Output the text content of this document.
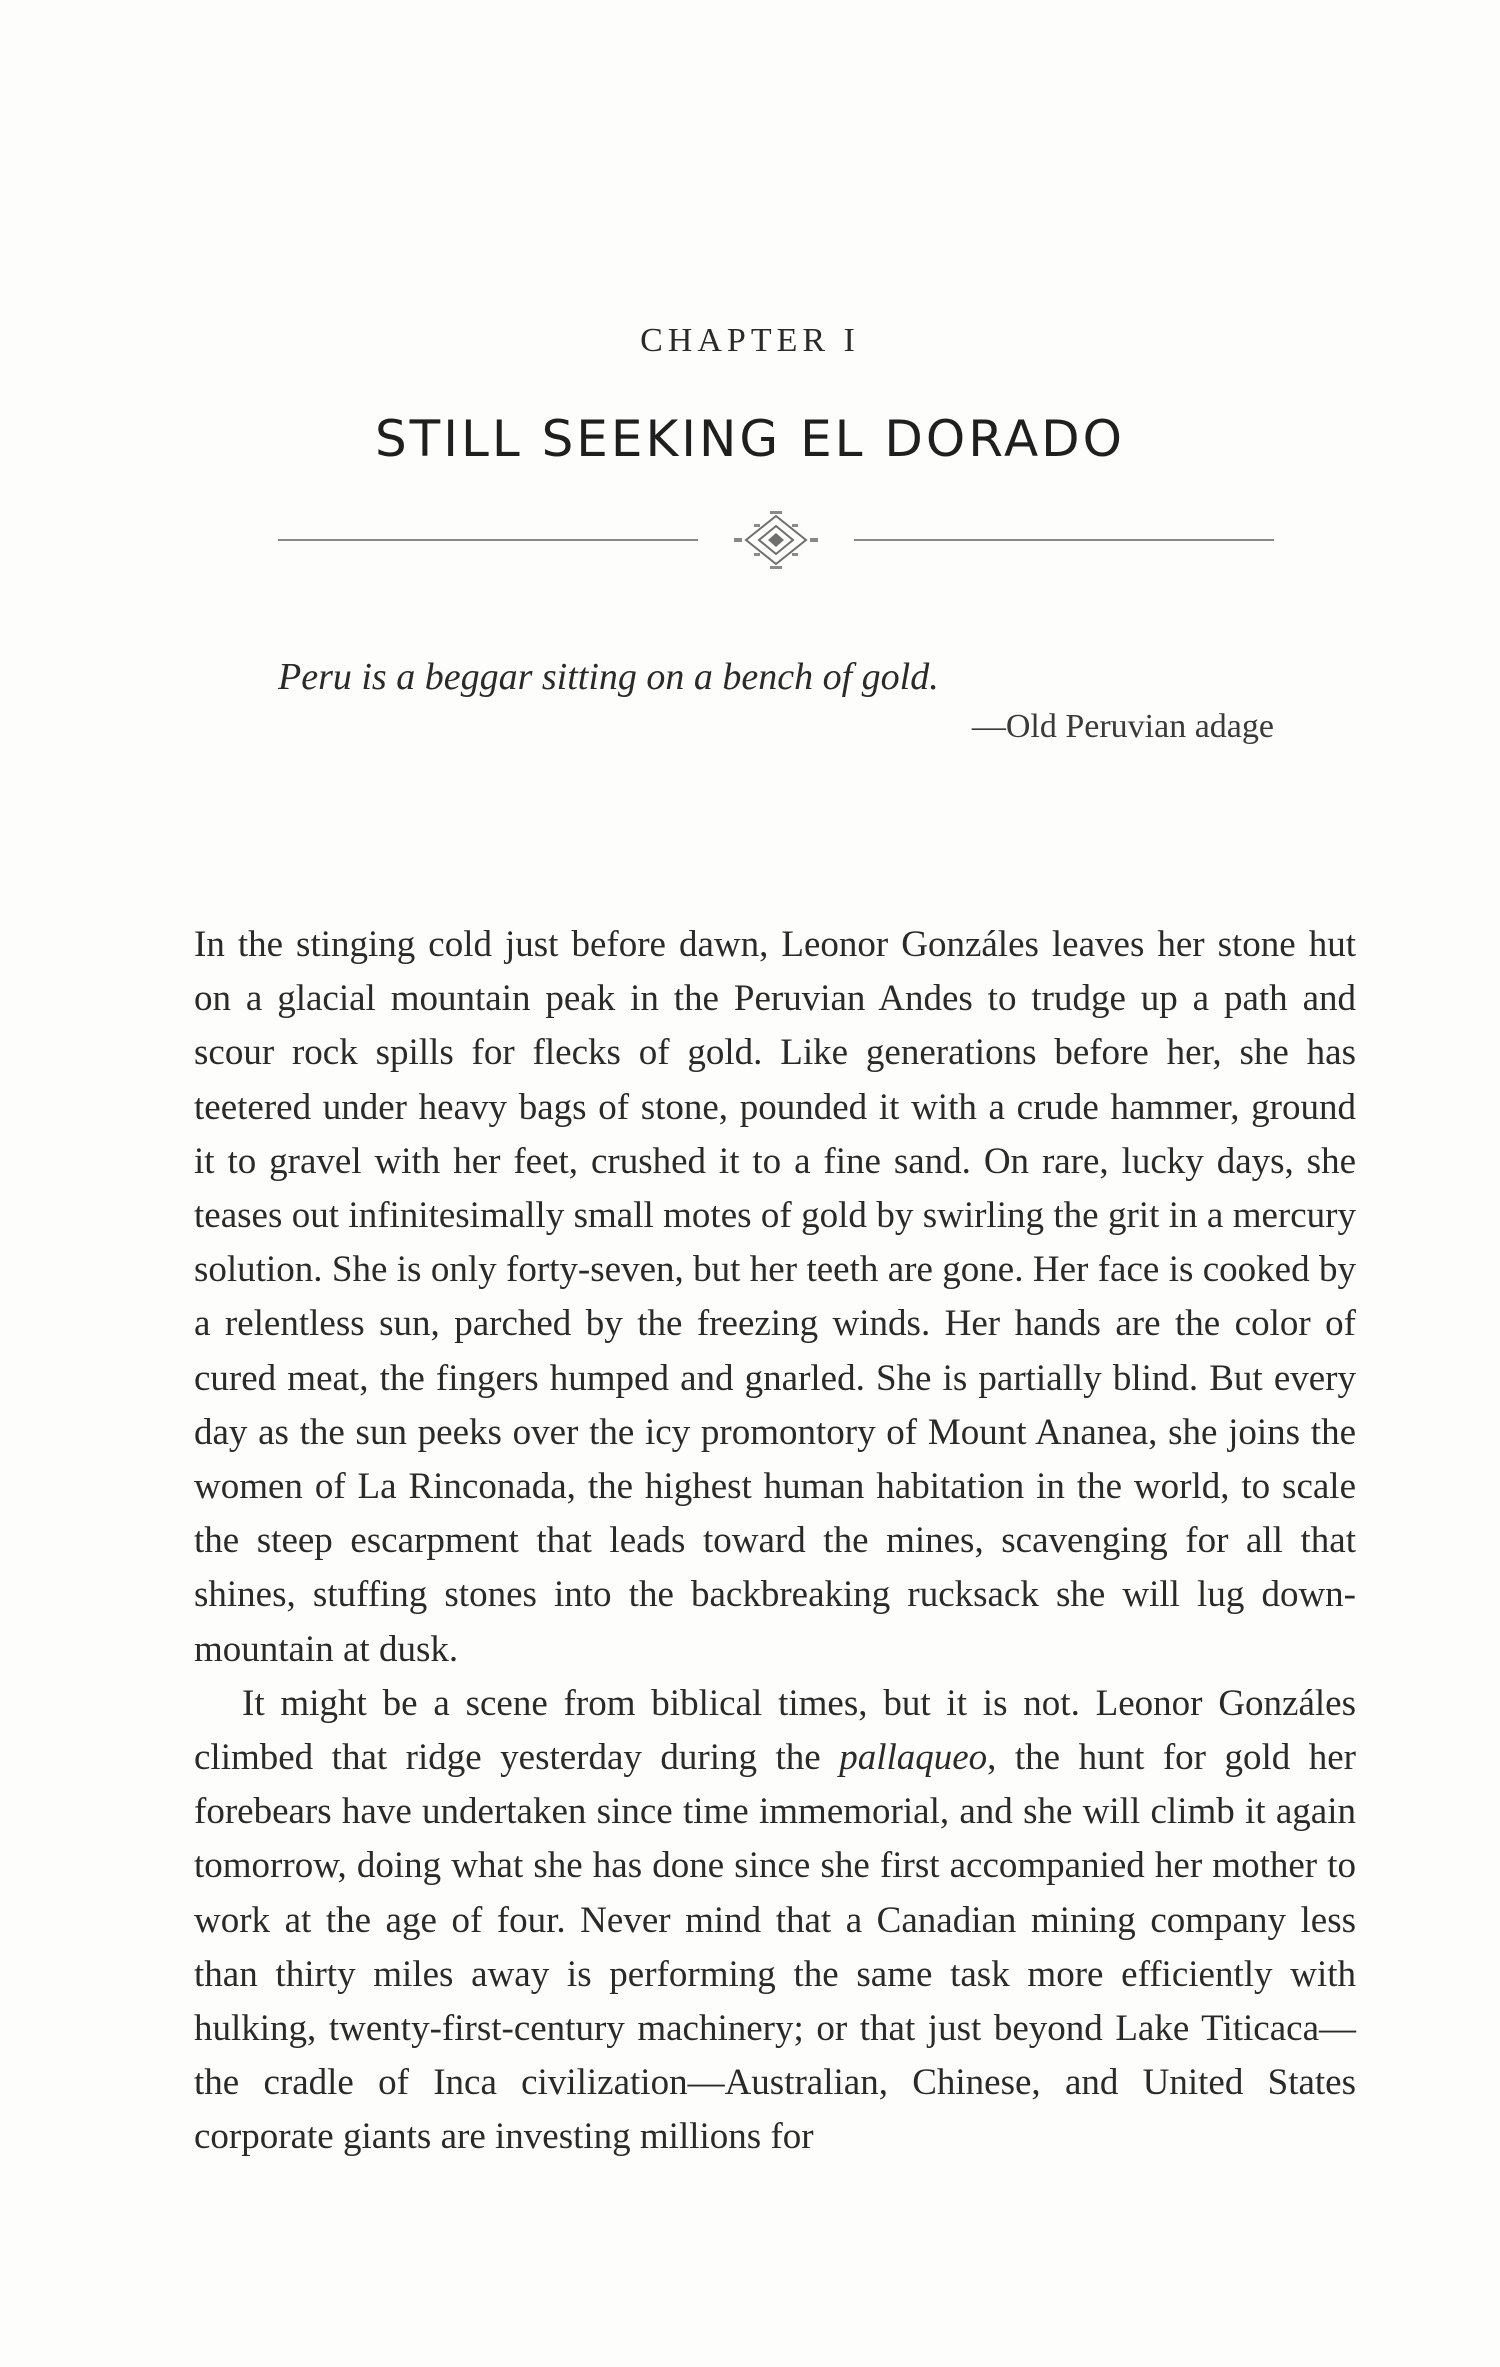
CHAPTER I
STILL SEEKING EL DORADO
Peru is a beggar sitting on a bench of gold.
—Old Peruvian adage

In the stinging cold just before dawn, Leonor Gonzáles leaves her stone hut on a glacial mountain peak in the Peruvian Andes to trudge up a path and scour rock spills for flecks of gold. Like generations before her, she has teetered under heavy bags of stone, pounded it with a crude hammer, ground it to gravel with her feet, crushed it to a fine sand. On rare, lucky days, she teases out infinitesimally small motes of gold by swirling the grit in a mercury solution. She is only forty-seven, but her teeth are gone. Her face is cooked by a relentless sun, parched by the freezing winds. Her hands are the color of cured meat, the fingers humped and gnarled. She is partially blind. But every day as the sun peeks over the icy promontory of Mount Ananea, she joins the women of La Rinconada, the highest human habitation in the world, to scale the steep escarpment that leads toward the mines, scavenging for all that shines, stuffing stones into the backbreaking rucksack she will lug down-mountain at dusk.

It might be a scene from biblical times, but it is not. Leonor Gonzáles climbed that ridge yesterday during the pallaqueo, the hunt for gold her forebears have undertaken since time immemorial, and she will climb it again tomorrow, doing what she has done since she first accompanied her mother to work at the age of four. Never mind that a Canadian mining company less than thirty miles away is performing the same task more efficiently with hulking, twenty-first-century machinery; or that just beyond Lake Titicaca—the cradle of Inca civilization—Australian, Chinese, and United States corporate giants are investing millions for
